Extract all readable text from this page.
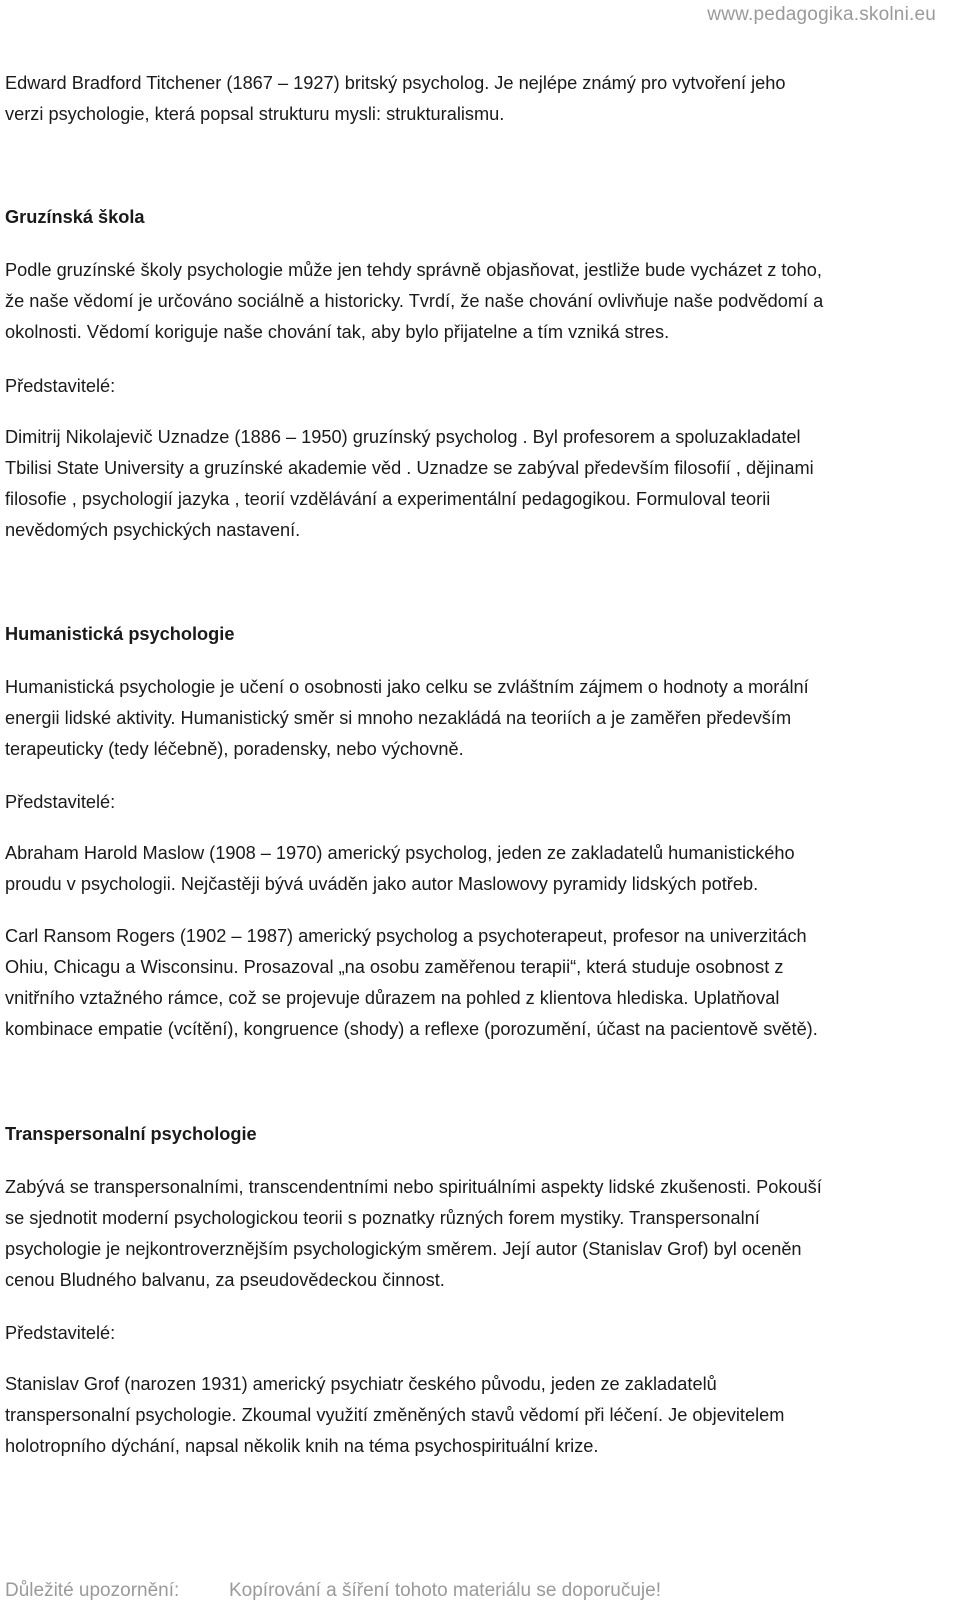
www.pedagogika.skolni.eu

Edward Bradford Titchener (1867 – 1927) britský psycholog. Je nejlépe známý pro vytvoření jeho

verzi psychologie, která popsal strukturu mysli: strukturalismu.

Gruzínská škola

Podle gruzínské školy psychologie může jen tehdy správně objasňovat, jestliže bude vycházet z toho,

že naše vědomí je určováno sociálně a historicky. Tvrdí, že naše chování ovlivňuje naše podvědomí a

okolnosti. Vědomí koriguje naše chování tak, aby bylo přijatelne a tím vzniká stres.

Představitelé:

Dimitrij Nikolajevič Uznadze (1886 – 1950) gruzínský psycholog . Byl profesorem a spoluzakladatel

Tbilisi State University a gruzínské akademie věd . Uznadze se zabýval především filosofií , dějinami

filosofie , psychologií jazyka , teorií vzdělávání a experimentální pedagogikou. Formuloval teorii

nevědomých psychických nastavení.

Humanistická psychologie

Humanistická psychologie je učení o osobnosti jako celku se zvláštním zájmem o hodnoty a morální

energii lidské aktivity. Humanistický směr si mnoho nezakládá na teoriích a je zaměřen především

terapeuticky (tedy léčebně), poradensky, nebo výchovně.

Představitelé:

Abraham Harold Maslow (1908 – 1970) americký psycholog, jeden ze zakladatelů humanistického

proudu v psychologii. Nejčastěji bývá uváděn jako autor Maslowovy pyramidy lidských potřeb.

Carl Ransom Rogers (1902 – 1987) americký psycholog a psychoterapeut, profesor na univerzitách

Ohiu, Chicagu a Wisconsinu. Prosazoval „na osobu zaměřenou terapii“, která studuje osobnost z

vnitřního vztažného rámce, což se projevuje důrazem na pohled z klientova hlediska. Uplatňoval

kombinace empatie (vcítění), kongruence (shody) a reflexe (porozumění, účast na pacientově světě).

Transpersonalní psychologie

Zabývá se transpersonalními, transcendentními nebo spirituálními aspekty lidské zkušenosti. Pokouší

se sjednotit moderní psychologickou teorii s poznatky různých forem mystiky. Transpersonalní

psychologie je nejkontroverznějším psychologickým směrem. Její autor (Stanislav Grof) byl oceněn

cenou Bludného balvanu, za pseudovědeckou činnost.

Představitelé:

Stanislav Grof (narozen 1931) americký psychiatr českého původu, jeden ze zakladatelů

transpersonalní psychologie. Zkoumal využití změněných stavů vědomí při léčení. Je objevitelem

holotropního dýchání, napsal několik knih na téma psychospirituální krize.

Důležité upozornění:	Kopírování a šíření tohoto materiálu se doporučuje!
